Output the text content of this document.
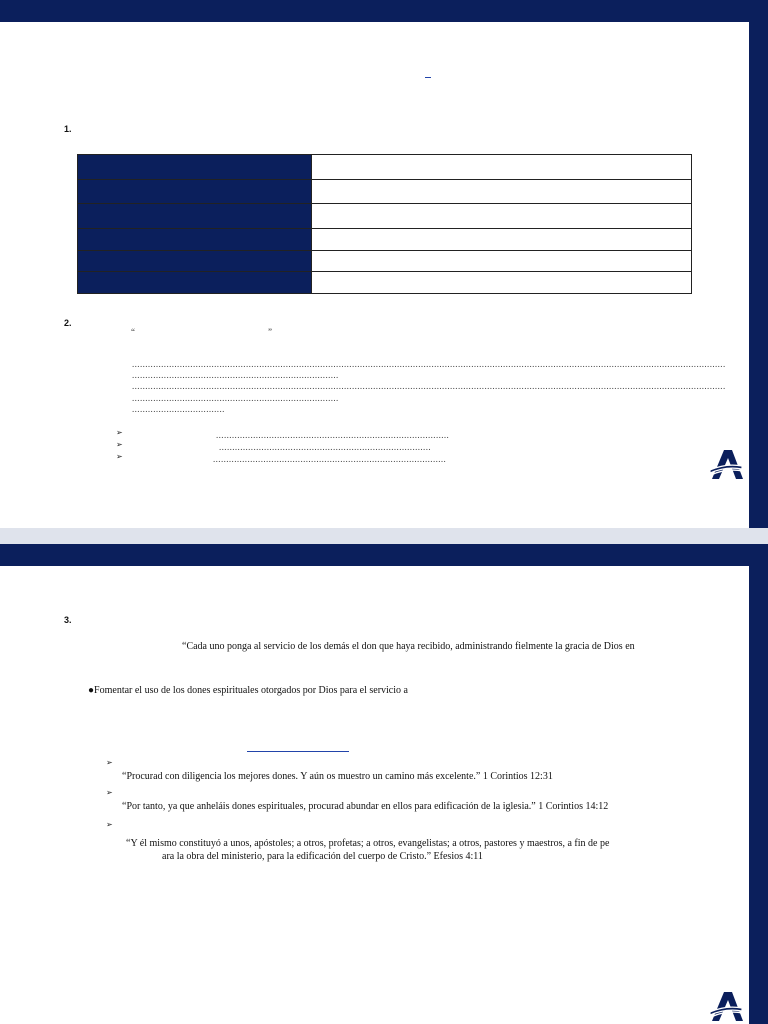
1.

2.
“	”
................................................................................................................................................................................................................................
..............................................................................
................................................................................................................................................................................................................................
..............................................................................
...................................
➢
➢
➢
........................................................................................
................................................................................
........................................................................................
3.
“Cada uno ponga al servicio de los demás el don que haya recibido, administrando fielmente la gracia de Dios en
●Fomentar el uso de los dones espirituales otorgados por Dios para el servicio a
➢
“Procurad con diligencia los mejores dones. Y aún os muestro un camino más excelente.” 1 Corintios 12:31
➢
“Por tanto, ya que anheláis dones espirituales, procurad abundar en ellos para edificación de la iglesia.” 1 Corintios 14:12
➢
“Y él mismo constituyó a unos, apóstoles; a otros, profetas; a otros, evangelistas; a otros, pastores y maestros, a fin de pe
ara la obra del ministerio, para la edificación del cuerpo de Cristo.” Efesios 4:11
